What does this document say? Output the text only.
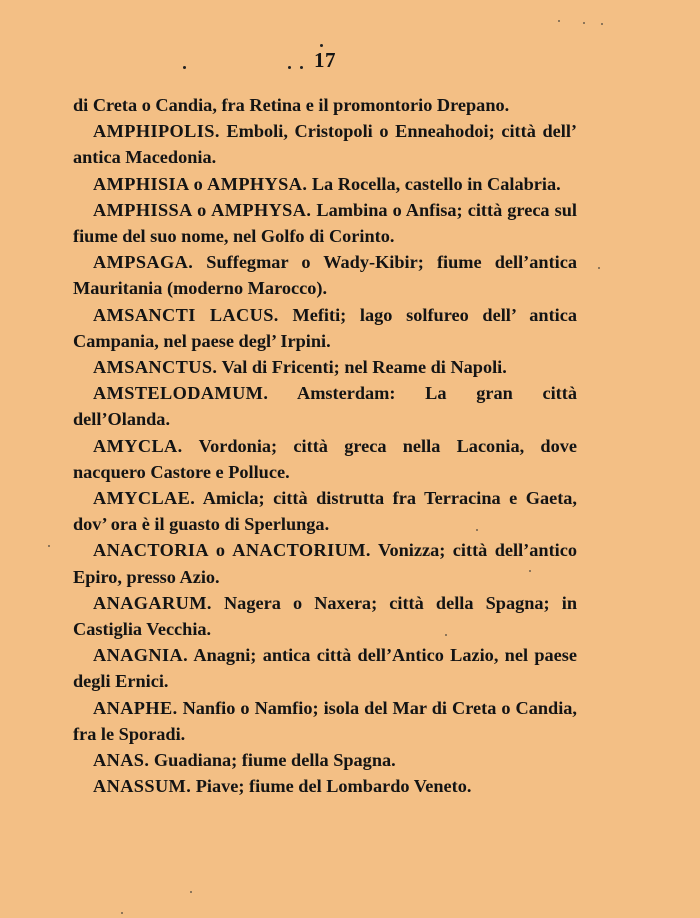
17

di Creta o Candia, fra Retina e il promontorio Drepano.

AMPHIPOLIS. Emboli, Cristopoli o Enneahodoi; città dell’ antica Macedonia.

AMPHISIA o AMPHYSA. La Rocella, castello in Calabria.

AMPHISSA o AMPHYSA. Lambina o Anfisa; città greca sul fiume del suo nome, nel Golfo di Corinto.

AMPSAGA. Suffegmar o Wady-Kibir; fiume dell’antica Mauritania (moderno Marocco).

AMSANCTI LACUS. Mefiti; lago solfureo dell’ antica Campania, nel paese degl’ Irpini.

AMSANCTUS. Val di Fricenti; nel Reame di Napoli.

AMSTELODAMUM. Amsterdam: La gran città dell’Olanda.

AMYCLA. Vordonia; città greca nella Laconia, dove nacquero Castore e Polluce.

AMYCLAE. Amicla; città distrutta fra Terracina e Gaeta, dov’ ora è il guasto di Sperlunga.

ANACTORIA o ANACTORIUM. Vonizza; città dell’antico Epiro, presso Azio.

ANAGARUM. Nagera o Naxera; città della Spagna; in Castiglia Vecchia.

ANAGNIA. Anagni; antica città dell’Antico Lazio, nel paese degli Ernici.

ANAPHE. Nanfio o Namfio; isola del Mar di Creta o Candia, fra le Sporadi.

ANAS. Guadiana; fiume della Spagna.

ANASSUM. Piave; fiume del Lombardo Veneto.
